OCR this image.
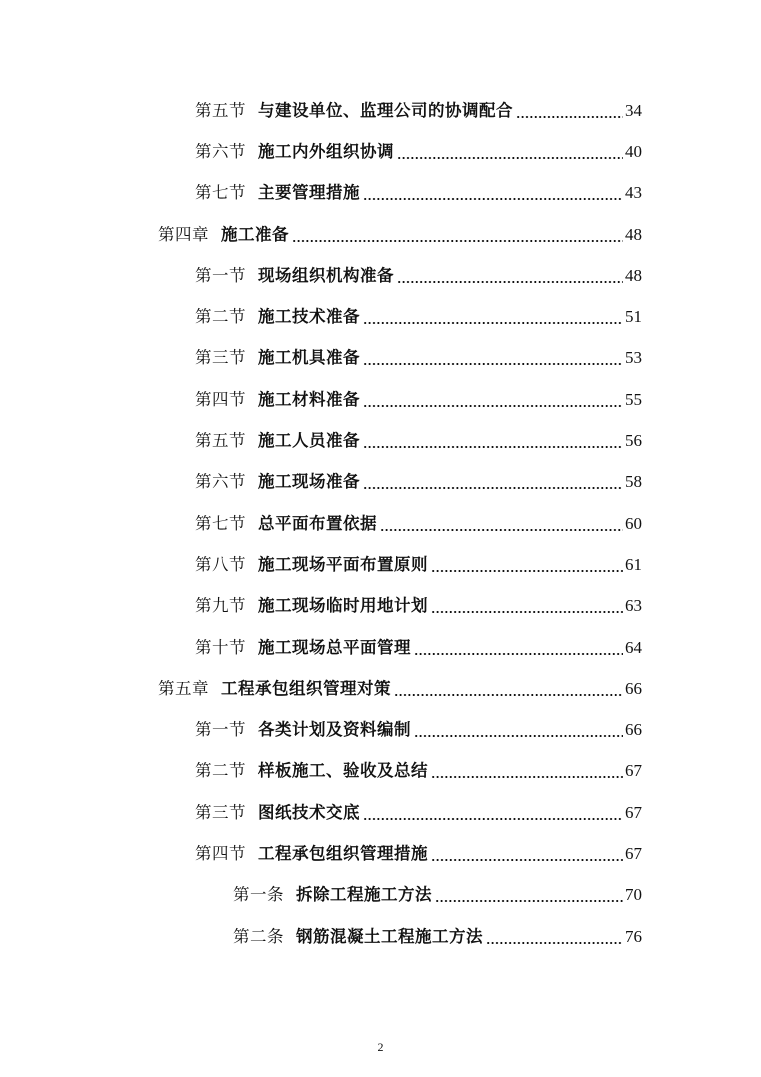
第五节 与建设单位、监理公司的协调配合	34
第六节 施工内外组织协调	40
第七节 主要管理措施	43
第四章 施工准备	48
第一节 现场组织机构准备	48
第二节 施工技术准备	51
第三节 施工机具准备	53
第四节 施工材料准备	55
第五节 施工人员准备	56
第六节 施工现场准备	58
第七节 总平面布置依据	60
第八节 施工现场平面布置原则	61
第九节 施工现场临时用地计划	63
第十节 施工现场总平面管理	64
第五章 工程承包组织管理对策	66
第一节 各类计划及资料编制	66
第二节 样板施工、验收及总结	67
第三节 图纸技术交底	67
第四节 工程承包组织管理措施	67
第一条 拆除工程施工方法	70
第二条 钢筋混凝土工程施工方法	76
2
